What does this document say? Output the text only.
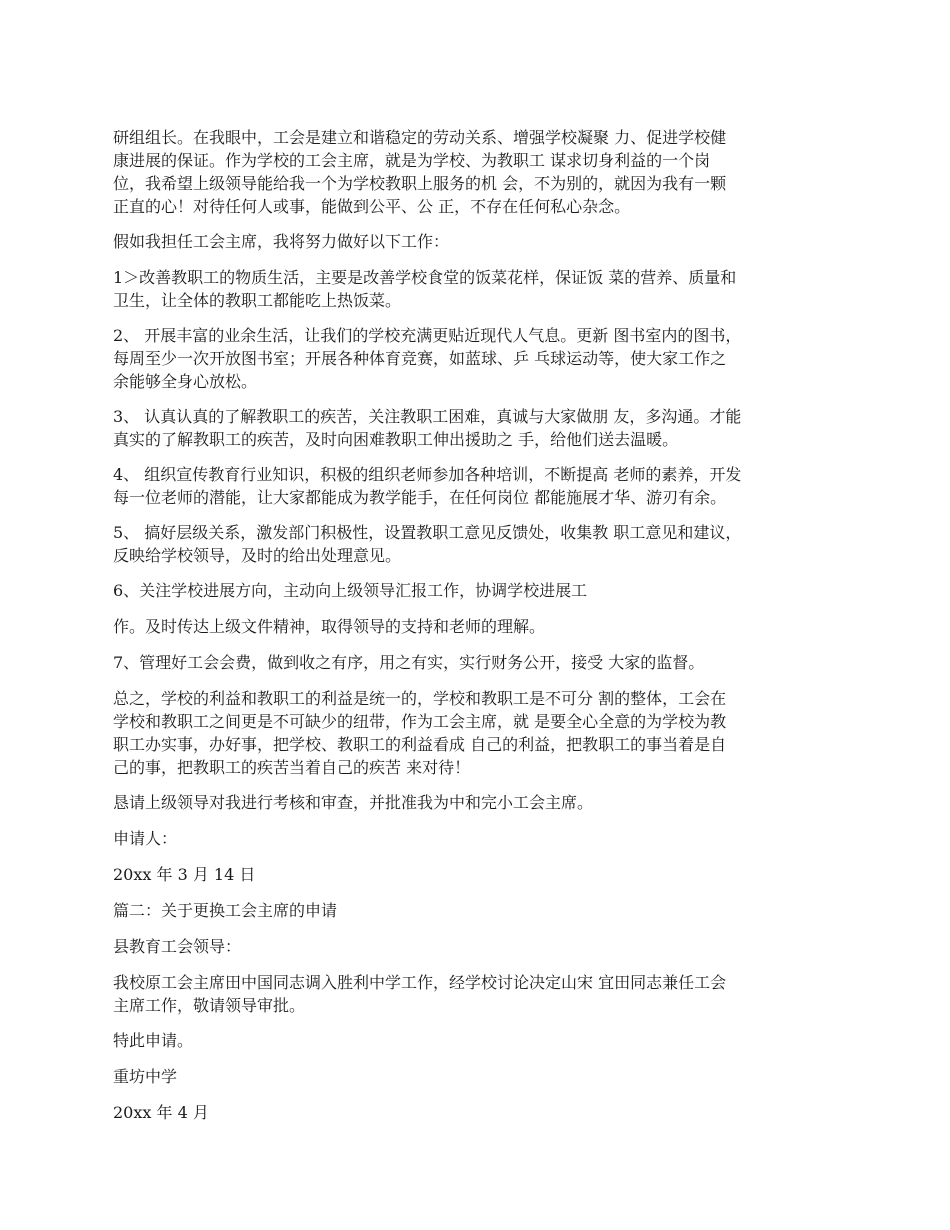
研组组长。在我眼中，工会是建立和谐稳定的劳动关系、增强学校凝聚 力、促进学校健
康进展的保证。作为学校的工会主席，就是为学校、为教职工 谋求切身利益的一个岗
位，我希望上级领导能给我一个为学校教职上服务的机 会，不为别的，就因为我有一颗
正直的心！对待任何人或事，能做到公平、公 正，不存在任何私心杂念。
假如我担任工会主席，我将努力做好以下工作：
1＞改善教职工的物质生活，主要是改善学校食堂的饭菜花样，保证饭 菜的营养、质量和
卫生，让全体的教职工都能吃上热饭菜。
2、 开展丰富的业余生活，让我们的学校充满更贴近现代人气息。更新 图书室内的图书，
每周至少一次开放图书室；开展各种体育竞赛，如蓝球、乒 乓球运动等，使大家工作之
余能够全身心放松。
3、 认真认真的了解教职工的疾苦，关注教职工困难，真诚与大家做朋 友，多沟通。才能
真实的了解教职工的疾苦，及时向困难教职工伸出援助之 手，给他们送去温暖。
4、 组织宣传教育行业知识，积极的组织老师参加各种培训，不断提高 老师的素养，开发
每一位老师的潜能，让大家都能成为教学能手，在任何岗位 都能施展才华、游刃有余。
5、 搞好层级关系，激发部门积极性，设置教职工意见反馈处，收集教 职工意见和建议，
反映给学校领导，及时的给出处理意见。
6、关注学校进展方向，主动向上级领导汇报工作，协调学校进展工
作。及时传达上级文件精神，取得领导的支持和老师的理解。
7、管理好工会会费，做到收之有序，用之有实，实行财务公开，接受 大家的监督。
总之，学校的利益和教职工的利益是统一的，学校和教职工是不可分 割的整体，工会在
学校和教职工之间更是不可缺少的纽带，作为工会主席，就 是要全心全意的为学校为教
职工办实事，办好事，把学校、教职工的利益看成 自己的利益，把教职工的事当着是自
己的事，把教职工的疾苦当着自己的疾苦 来对待！
恳请上级领导对我进行考核和审查，并批准我为中和完小工会主席。
申请人：
20xx 年 3 月 14 日
篇二：关于更换工会主席的申请
县教育工会领导：
我校原工会主席田中国同志调入胜利中学工作，经学校讨论决定山宋 宜田同志兼任工会
主席工作，敬请领导审批。
特此申请。
重坊中学
20xx 年 4 月
